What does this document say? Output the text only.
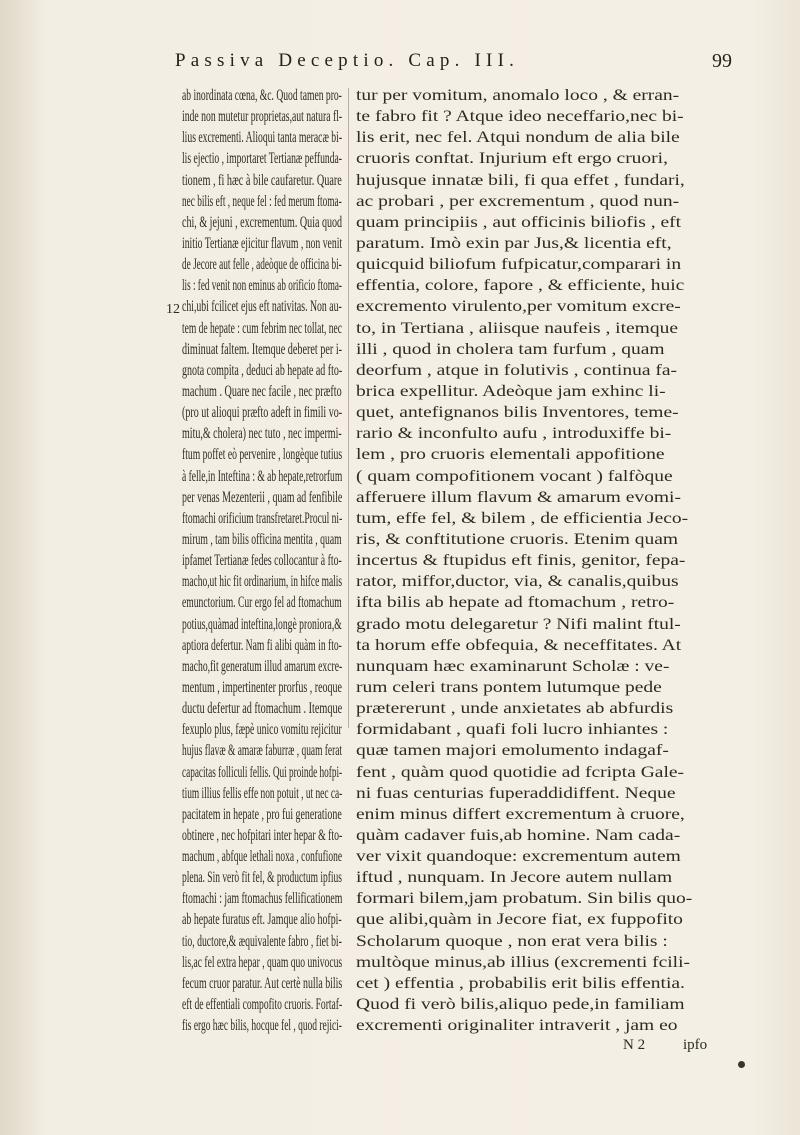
Passiva Deceptio. Cap. III.	99
12
ab inordinata cœna, &c. Quod tamen pro-
inde non mutetur proprietas,aut natura fl-
lius excrementi. Alioqui tanta meracæ bi-
lis ejectio , importaret Tertianæ peffunda-
tionem , fi hæc à bile caufaretur. Quare
nec bilis eft , neque fel : fed merum ftoma-
chi, & jejuni , excrementum. Quia quod
initio Tertianæ ejicitur flavum , non venit
de Jecore aut felle , adeòque de officina bi-
lis : fed venit non eminus ab orificio ftoma-
chi,ubi fcilicet ejus eft nativitas. Non au-
tem de hepate : cum febrim nec tollat, nec
diminuat faltem. Itemque deberet per i-
gnota compita , deduci ab hepate ad fto-
machum . Quare nec facile , nec præfto
(pro ut alioqui præfto adeft in fimili vo-
mitu,& cholera) nec tuto , nec impermi-
ftum poffet eò pervenire , longèque tutius
à felle,in Inteftina : & ab hepate,retrorfum
per venas Mezenterii , quam ad fenfibile
ftomachi orificium transfretaret.Procul ni-
mirum , tam bilis officina mentita , quam
ipfamet Tertianæ fedes collocantur à fto-
macho,ut hic fit ordinarium, in hifce malis
emunctorium. Cur ergo fel ad ftomachum
potius,quàmad inteftina,longè proniora,&
aptiora defertur. Nam fi alibi quàm in fto-
macho,fit generatum illud amarum excre-
mentum , impertinenter prorfus , reoque
ductu defertur ad ftomachum . Itemque
fexuplo plus, fæpè unico vomitu rejicitur
hujus flavæ & amaræ faburræ , quam ferat
capacitas folliculi fellis. Qui proinde hofpi-
tium illius fellis effe non potuit , ut nec ca-
pacitatem in hepate , pro fui generatione
obtinere , nec hofpitari inter hepar & fto-
machum , abfque lethali noxa , confufione
plena. Sin verò fit fel, & productum ipfius
ftomachi : jam ftomachus fellificationem
ab hepate furatus eft. Jamque alio hofpi-
tio, ductore,& æquivalente fabro , fiet bi-
lis,ac fel extra hepar , quam quo univocus
fecum cruor paratur. Aut certè nulla bilis
eft de effentiali compofito cruoris. Fortaf-
fis ergo hæc bilis, hocque fel , quod rejici-
tur per vomitum, anomalo loco , & erran-
te fabro fit ? Atque ideo neceffario,nec bi-
lis erit, nec fel. Atqui nondum de alia bile
cruoris conftat. Injurium eft ergo cruori,
hujusque innatæ bili, fi qua effet , fundari,
ac probari , per excrementum , quod nun-
quam principiis , aut officinis biliofis , eft
paratum. Imò exin par Jus,& licentia eft,
quicquid biliofum fufpicatur,comparari in
effentia, colore, fapore , & efficiente, huic
excremento virulento,per vomitum excre-
to, in Tertiana , aliisque naufeis , itemque
illi , quod in cholera tam furfum , quam
deorfum , atque in folutivis , continua fa-
brica expellitur. Adeòque jam exhinc li-
quet, antefignanos bilis Inventores, teme-
rario & inconfulto aufu , introduxiffe bi-
lem , pro cruoris elementali appofitione
( quam compofitionem vocant ) falfòque
afferuere illum flavum & amarum evomi-
tum, effe fel, & bilem , de efficientia Jeco-
ris, & conftitutione cruoris. Etenim quam
incertus & ftupidus eft finis, genitor, fepa-
rator, miffor,ductor, via, & canalis,quibus
ifta bilis ab hepate ad ftomachum , retro-
grado motu delegaretur ? Nifi malint ftul-
ta horum effe obfequia, & neceffitates. At
nunquam hæc examinarunt Scholæ : ve-
rum celeri trans pontem lutumque pede
prætererunt , unde anxietates ab abfurdis
formidabant , quafi foli lucro inhiantes :
quæ tamen majori emolumento indagaf-
fent , quàm quod quotidie ad fcripta Gale-
ni fuas centurias fuperaddidiffent. Neque
enim minus differt excrementum à cruore,
quàm cadaver fuis,ab homine. Nam cada-
ver vixit quandoque: excrementum autem
iftud , nunquam. In Jecore autem nullam
formari bilem,jam probatum. Sin bilis quo-
que alibi,quàm in Jecore fiat, ex fuppofito
Scholarum quoque , non erat vera bilis :
multòque minus,ab illius (excrementi fcili-
cet ) effentia , probabilis erit bilis effentia.
Quod fi verò bilis,aliquo pede,in familiam
excrementi originaliter intraverit , jam eo
N 2	ipfo
